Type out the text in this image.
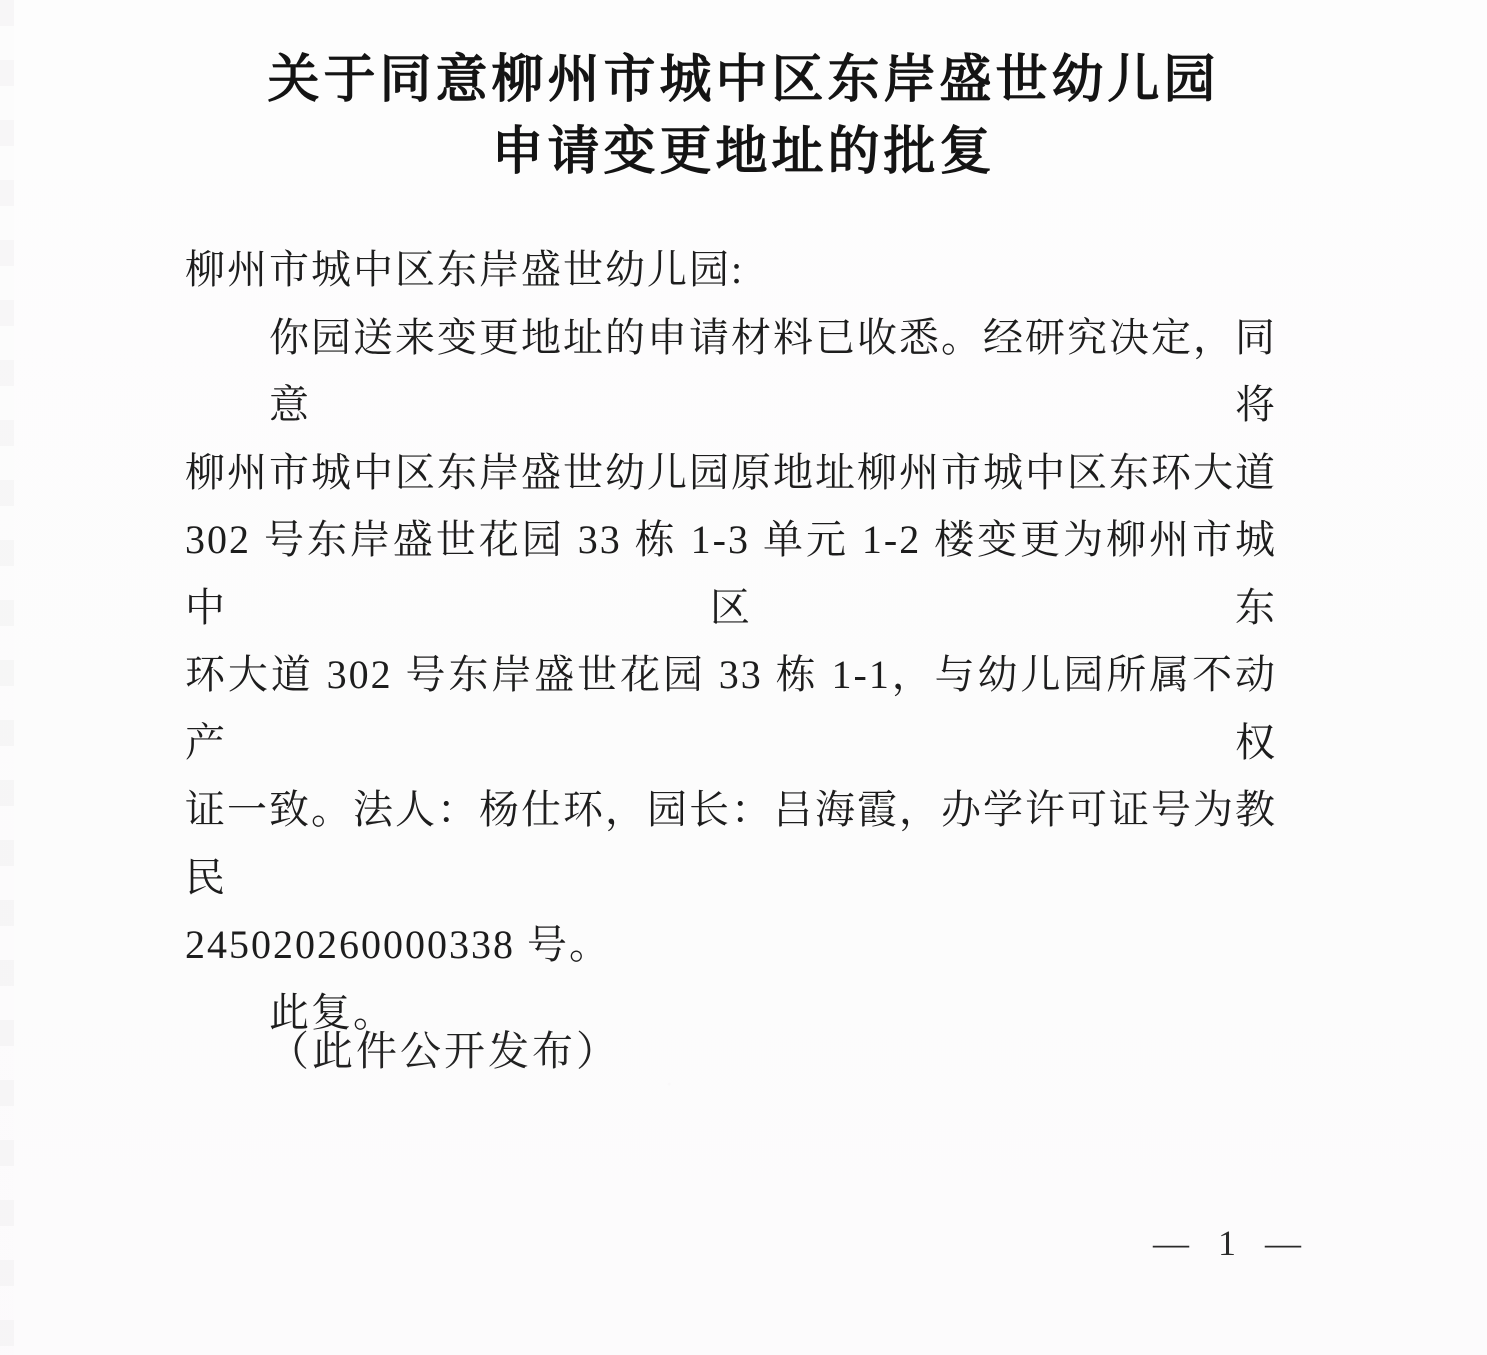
关于同意柳州市城中区东岸盛世幼儿园
申请变更地址的批复
柳州市城中区东岸盛世幼儿园:
你园送来变更地址的申请材料已收悉。经研究决定，同意将
柳州市城中区东岸盛世幼儿园原地址柳州市城中区东环大道
302 号东岸盛世花园 33 栋 1-3 单元 1-2 楼变更为柳州市城中区东
环大道 302 号东岸盛世花园 33 栋 1-1，与幼儿园所属不动产权
证一致。法人：杨仕环，园长：吕海霞，办学许可证号为教民
245020260000338 号。
此复。
（此件公开发布）
— 1 —
